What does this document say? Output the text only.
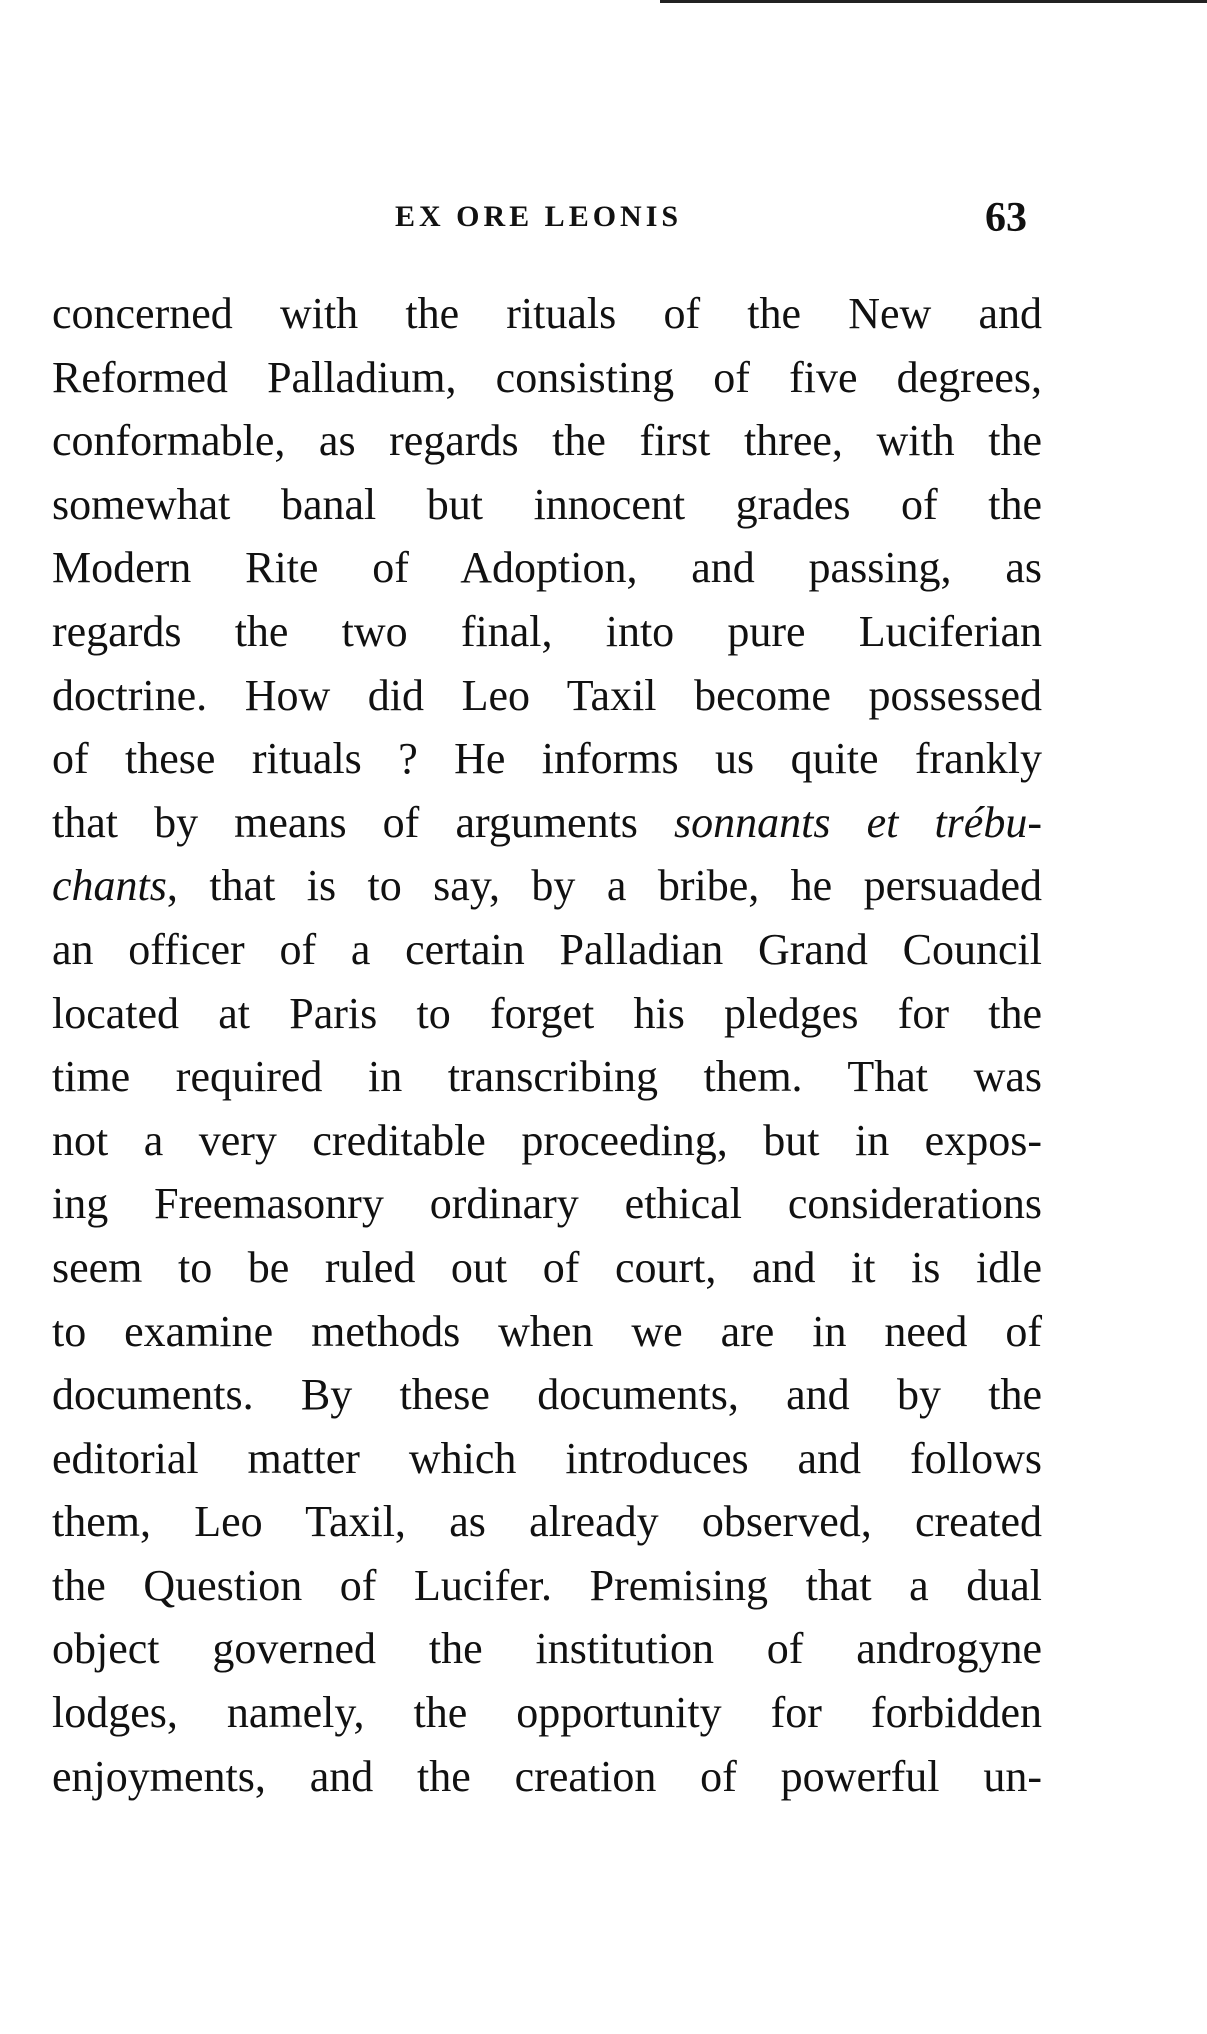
EX ORE LEONIS	63
concerned with the rituals of the New and
Reformed Palladium, consisting of five degrees,
conformable, as regards the first three, with the
somewhat banal but innocent grades of the
Modern Rite of Adoption, and passing, as
regards the two final, into pure Luciferian
doctrine. How did Leo Taxil become possessed
of these rituals ? He informs us quite frankly
that by means of arguments sonnants et trébu-
chants, that is to say, by a bribe, he persuaded
an officer of a certain Palladian Grand Council
located at Paris to forget his pledges for the
time required in transcribing them. That was
not a very creditable proceeding, but in expos-
ing Freemasonry ordinary ethical considerations
seem to be ruled out of court, and it is idle
to examine methods when we are in need of
documents. By these documents, and by the
editorial matter which introduces and follows
them, Leo Taxil, as already observed, created
the Question of Lucifer. Premising that a dual
object governed the institution of androgyne
lodges, namely, the opportunity for forbidden
enjoyments, and the creation of powerful un-
